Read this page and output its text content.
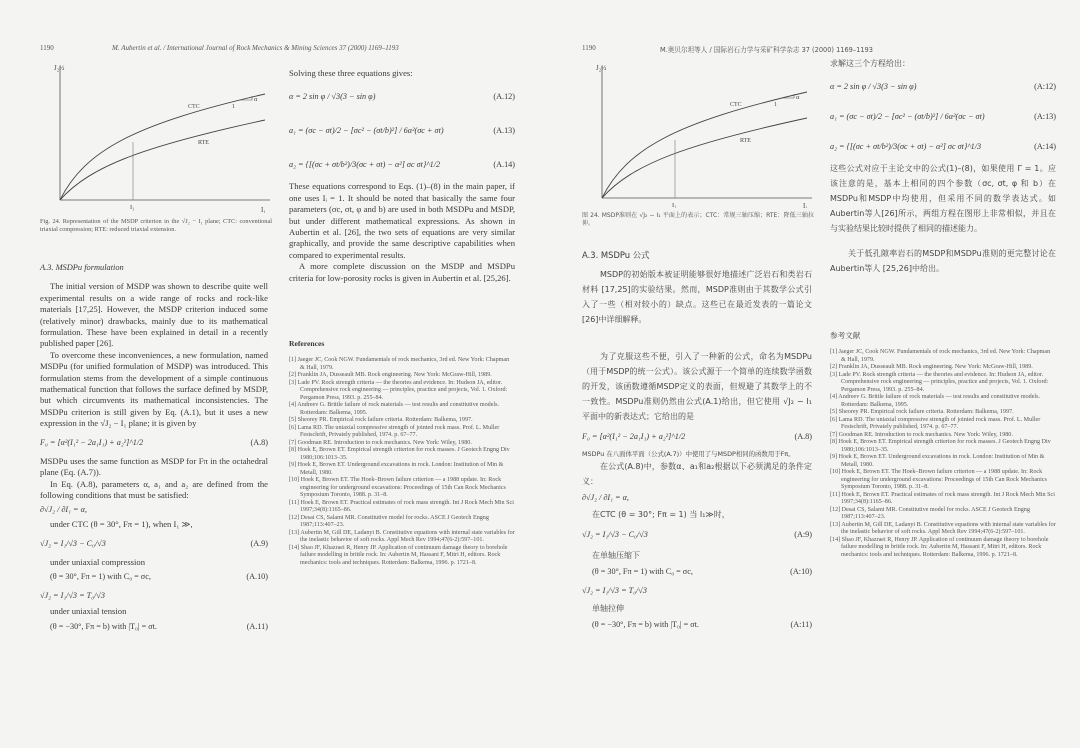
1190	M. Aubertin et al. / International Journal of Rock Mechanics & Mining Sciences 37 (2000) 1169–1193
J₂½
I₁
I₁
α
1
CTC
RTE
Fig. 24. Representation of the MSDP criterion in the √J₂ − I₁ plane; CTC: conventional triaxial compression; RTE: reduced triaxial extension.
A.3. MSDPu formulation

The initial version of MSDP was shown to describe quite well experimental results on a wide range of rocks and rock-like materials [17,25]. However, the MSDP criterion induced some (relatively minor) drawbacks, mainly due to its mathematical formulation. These have been explained in detail in a recently published paper [26].

To overcome these inconveniences, a new formulation, named MSDPu (for unified formulation of MSDP) was introduced. This formulation stems from the development of a simple continuous mathematical function that follows the surface defined by MSDP, but which circumvents its mathematical inconsistencies. The MSDPu criterion is still given by Eq. (A.1), but it uses a new expression in the √J₂ − I₁ plane; it is given by

F₀ = [α²(I₁² − 2a₁I₁) + a₂²]^1/2	(A.8)
MSDPu uses the same function as MSDP for Fπ in the octahedral plane (Eq. (A.7)).

In Eq. (A.8), parameters α, a₁ and a₂ are defined from the following conditions that must be satisfied:

∂√J₂ / ∂I₁ = α,
under CTC (θ = 30°, Fπ = 1), when I₁ ≫,
√J₂ = I₁/√3 − C₀/√3	(A.9)
under uniaxial compression
(θ = 30°, Fπ = 1) with C₀ = σc,	(A.10)
√J₂ = I₁/√3 = T₀/√3
under uniaxial tension
(θ = −30°, Fπ = b) with |T₀| = σt.	(A.11)
Solving these three equations gives:
α = 2 sin φ / √3(3 − sin φ)	(A.12)
a₁ = (σc − σt)/2 − [σc² − (σt/b)²] / 6α²(σc + σt)	(A.13)
a₂ = {[(σc + σt/b²)/3(σc + σt) − α²] σc σt}^1/2	(A.14)
These equations correspond to Eqs. (1)–(8) in the main paper, if one uses Iᵢ = 1. It should be noted that basically the same four parameters (σc, σt, φ and b) are used in both MSDPu and MSDP, but under different mathematical expressions. As shown in Aubertin et al. [26], the two sets of equations are very similar graphically, and provide the same descriptive capabilities when compared to experimental results.

A more complete discussion on the MSDP and MSDPu criteria for low-porosity rocks is given in Aubertin et al. [25,26].

References
[1] Jaeger JC, Cook NGW. Fundamentals of rock mechanics, 3rd ed. New York: Chapman & Hall, 1979.
[2] Franklin JA, Dusseault MB. Rock engineering. New York: McGraw-Hill, 1989.
[3] Lade PV. Rock strength criteria — the theories and evidence. In: Hudson JA, editor. Comprehensive rock engineering — principles, practice and projects, Vol. 1. Oxford: Pergamon Press, 1993. p. 255–84.
[4] Andreev G. Brittle failure of rock materials — test results and constitutive models. Rotterdam: Balkema, 1995.
[5] Sheorey PR. Empirical rock failure criteria. Rotterdam: Balkema, 1997.
[6] Lama RD. The uniaxial compressive strength of jointed rock mass. Prof. L. Muller Festschrift, Privately published, 1974. p. 67–77.
[7] Goodman RE. Introduction to rock mechanics. New York: Wiley, 1980.
[8] Hoek E, Brown ET. Empirical strength criterion for rock masses. J Geotech Engng Div 1980;106:1013–35.
[9] Hoek E, Brown ET. Underground excavations in rock. London: Institution of Min & Metall, 1980.
[10] Hoek E, Brown ET. The Hoek–Brown failure criterion — a 1988 update. In: Rock engineering for underground excavations: Proceedings of 15th Can Rock Mechanics Symposium Toronto, 1988. p. 31–8.
[11] Hoek E, Brown ET. Practical estimates of rock mass strength. Int J Rock Mech Min Sci 1997;34(8):1165–86.
[12] Desai CS, Salami MR. Constitutive model for rocks. ASCE J Geotech Engng 1987;113:407–23.
[13] Aubertin M, Gill DE, Ladanyi B. Constitutive equations with internal state variables for the inelastic behavior of soft rocks. Appl Mech Rev 1994;47(6-2):597–101.
[14] Shao JF, Khazraei R, Henry JP. Application of continuum damage theory to borehole failure modelling in brittle rock. In: Aubertin M, Hassani F, Mitri H, editors. Rock mechanics: tools and techniques. Rotterdam: Balkema, 1996. p. 1721–8.
1190	M.奥贝尔坦等人 / 国际岩石力学与采矿科学杂志 37 (2000) 1169–1193
J₂½
I₁
I₁
α
1
CTC
RTE
图 24. MSDP准则在 √J₂ − I₁ 平面上的表示；CTC：常规三轴压缩；RTE：降低三轴拉伸。
A.3. MSDPu 公式

MSDP的初始版本被证明能够很好地描述广泛岩石和类岩石材料 [17,25]的实验结果。然而，MSDP准则由于其数学公式引入了一些（相对较小的）缺点。这些已在最近发表的一篇论文 [26]中详细解释。

为了克服这些不便，引入了一种新的公式，命名为MSDPu（用于MSDP的统一公式）。该公式源于一个简单的连续数学函数的开发，该函数遵循MSDP定义的表面，但规避了其数学上的不一致性。MSDPu准则仍然由公式(A.1)给出，但它使用 √J₂ − I₁ 平面中的新表达式；它给出的是

F₀ = [α²(I₁² − 2a₁I₁) + a₂²]^1/2	(A.8)
MSDPu 在八面体平面（公式(A.7)）中使用了与MSDP相同的函数用于Fπ。

在公式(A.8)中，参数α、a₁和a₂根据以下必须满足的条件定义：

∂√J₂ / ∂I₁ = α,
在CTC (θ = 30°; Fπ = 1) 当 I₁≫时，
√J₂ = I₁/√3 − C₀/√3	(A:9)
在单轴压缩下
(θ = 30°, Fπ = 1) with C₀ = σc,	(A:10)
√J₂ = I₁/√3 = T₀/√3
单轴拉伸
(θ = −30°, Fπ = b) with |T₀| = σt.	(A:11)
求解这三个方程给出：
α = 2 sin φ / √3(3 − sin φ)	(A:12)
a₁ = (σc − σt)/2 − [σc² − (σt/b)²] / 6α²(σc − σt)	(A:13)
a₂ = {[(σc + σt/b²)/3(σc + σt) − α²] σc σt}^1/3	(A:14)
这些公式对应于主论文中的公式(1)–(8)，如果使用 Γ = 1。应该注意的是，基本上相同的四个参数（σc, σt, φ 和 b）在MSDPu和MSDP中均使用，但采用不同的数学表达式。如Aubertin等人[26]所示，两组方程在图形上非常相似，并且在与实验结果比较时提供了相同的描述能力。

关于低孔隙率岩石的MSDP和MSDPu准则的更完整讨论在Aubertin等人 [25,26]中给出。

参考文献
[1] Jaeger JC, Cook NGW. Fundamentals of rock mechanics, 3rd ed. New York: Chapman & Hall, 1979.
[2] Franklin JA, Dusseault MB. Rock engineering. New York: McGraw-Hill, 1989.
[3] Lade PV. Rock strength criteria — the theories and evidence. In: Hudson JA, editor. Comprehensive rock engineering — principles, practice and projects, Vol. 1. Oxford: Pergamon Press, 1993. p. 255–84.
[4] Andreev G. Brittle failure of rock materials — test results and constitutive models. Rotterdam: Balkema, 1995.
[5] Sheorey PR. Empirical rock failure criteria. Rotterdam: Balkema, 1997.
[6] Lama RD. The uniaxial compressive strength of jointed rock mass. Prof. L. Muller Festschrift, Privately published, 1974. p. 67–77.
[7] Goodman RE. Introduction to rock mechanics. New York: Wiley, 1980.
[8] Hoek E, Brown ET. Empirical strength criterion for rock masses. J Geotech Engng Div 1980;106:1013–35.
[9] Hoek E, Brown ET. Underground excavations in rock. London: Institution of Min & Metall, 1980.
[10] Hoek E, Brown ET. The Hoek–Brown failure criterion — a 1988 update. In: Rock engineering for underground excavations: Proceedings of 15th Can Rock Mechanics Symposium Toronto, 1988. p. 31–8.
[11] Hoek E, Brown ET. Practical estimates of rock mass strength. Int J Rock Mech Min Sci 1997;34(8):1165–86.
[12] Desai CS, Salami MR. Constitutive model for rocks. ASCE J Geotech Engng 1987;113:407–23.
[13] Aubertin M, Gill DE, Ladanyi B. Constitutive equations with internal state variables for the inelastic behavior of soft rocks. Appl Mech Rev 1994;47(6-2):597–101.
[14] Shao JF, Khazraei R, Henry JP. Application of continuum damage theory to borehole failure modelling in brittle rock. In: Aubertin M, Hassani F, Mitri H, editors. Rock mechanics: tools and techniques. Rotterdam: Balkema, 1996. p. 1721–8.
